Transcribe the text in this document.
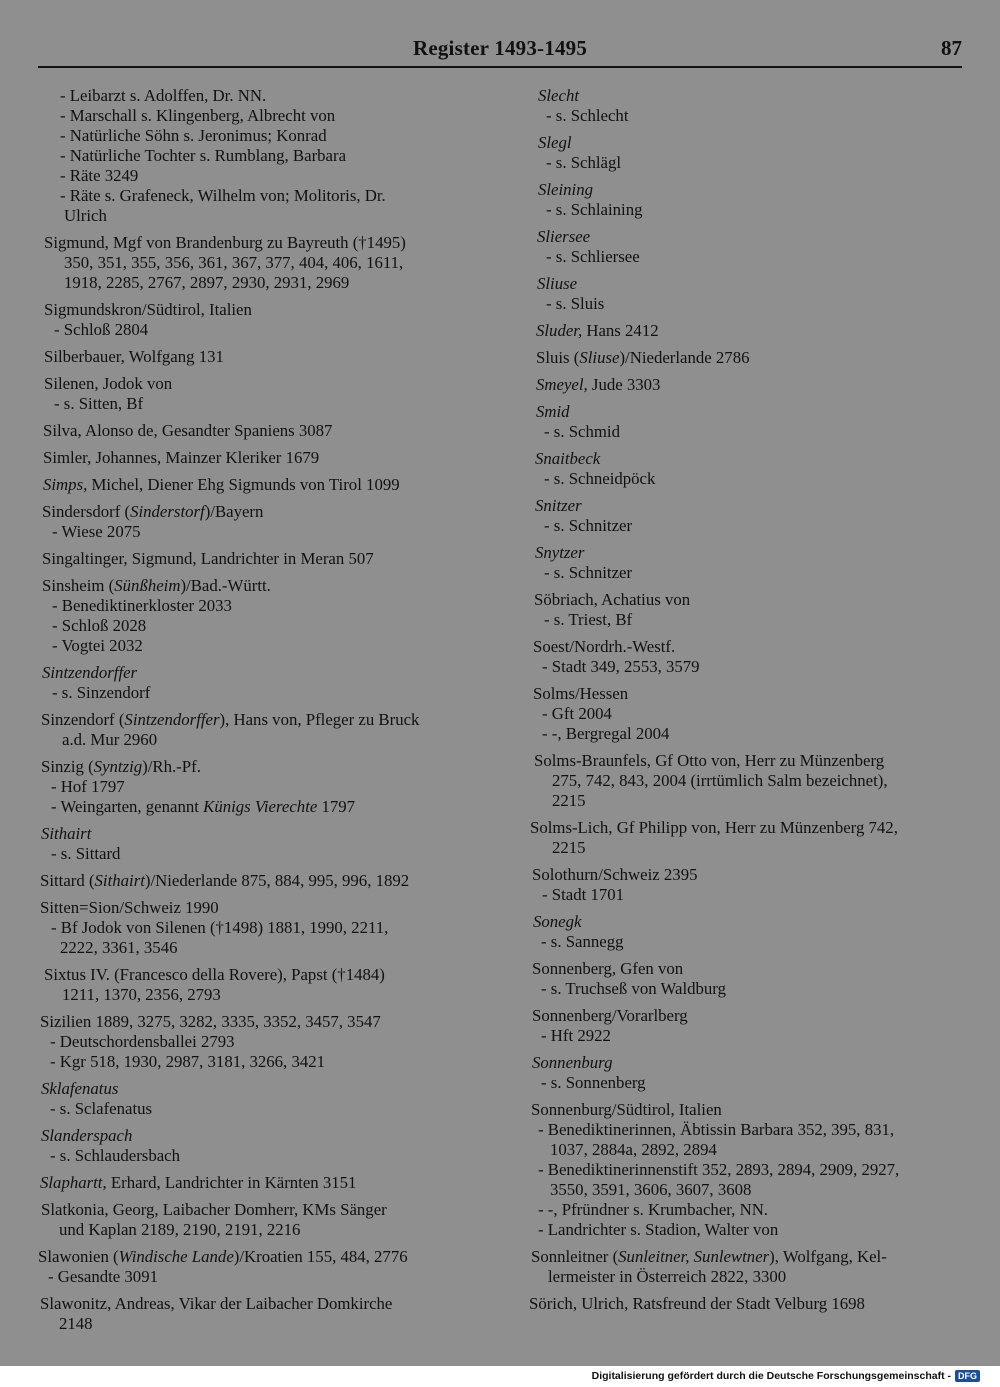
Register 1493-1495	87
- Leibarzt s. Adolffen, Dr. NN.
- Marschall s. Klingenberg, Albrecht von
- Natürliche Söhn s. Jeronimus; Konrad
- Natürliche Tochter s. Rumblang, Barbara
- Räte 3249
- Räte s. Grafeneck, Wilhelm von; Molitoris, Dr.
Ulrich
Sigmund, Mgf von Brandenburg zu Bayreuth (†1495)
350, 351, 355, 356, 361, 367, 377, 404, 406, 1611,
1918, 2285, 2767, 2897, 2930, 2931, 2969
Sigmundskron/Südtirol, Italien
- Schloß 2804
Silberbauer, Wolfgang 131
Silenen, Jodok von
- s. Sitten, Bf
Silva, Alonso de, Gesandter Spaniens 3087
Simler, Johannes, Mainzer Kleriker 1679
Simps, Michel, Diener Ehg Sigmunds von Tirol 1099
Sindersdorf (Sinderstorf)/Bayern
- Wiese 2075
Singaltinger, Sigmund, Landrichter in Meran 507
Sinsheim (Sünßheim)/Bad.-Württ.
- Benediktinerkloster 2033
- Schloß 2028
- Vogtei 2032
Sintzendorffer
- s. Sinzendorf
Sinzendorf (Sintzendorffer), Hans von, Pfleger zu Bruck
a.d. Mur 2960
Sinzig (Syntzig)/Rh.-Pf.
- Hof 1797
- Weingarten, genannt Künigs Vierechte 1797
Sithairt
- s. Sittard
Sittard (Sithairt)/Niederlande 875, 884, 995, 996, 1892
Sitten=Sion/Schweiz 1990
- Bf Jodok von Silenen (†1498) 1881, 1990, 2211,
2222, 3361, 3546
Sixtus IV. (Francesco della Rovere), Papst (†1484)
1211, 1370, 2356, 2793
Sizilien 1889, 3275, 3282, 3335, 3352, 3457, 3547
- Deutschordensballei 2793
- Kgr 518, 1930, 2987, 3181, 3266, 3421
Sklafenatus
- s. Sclafenatus
Slanderspach
- s. Schlaudersbach
Slaphartt, Erhard, Landrichter in Kärnten 3151
Slatkonia, Georg, Laibacher Domherr, KMs Sänger
und Kaplan 2189, 2190, 2191, 2216
Slawonien (Windische Lande)/Kroatien 155, 484, 2776
- Gesandte 3091
Slawonitz, Andreas, Vikar der Laibacher Domkirche
2148
Slecht
- s. Schlecht
Slegl
- s. Schlägl
Sleining
- s. Schlaining
Sliersee
- s. Schliersee
Sliuse
- s. Sluis
Sluder, Hans 2412
Sluis (Sliuse)/Niederlande 2786
Smeyel, Jude 3303
Smid
- s. Schmid
Snaitbeck
- s. Schneidpöck
Snitzer
- s. Schnitzer
Snytzer
- s. Schnitzer
Söbriach, Achatius von
- s. Triest, Bf
Soest/Nordrh.-Westf.
- Stadt 349, 2553, 3579
Solms/Hessen
- Gft 2004
- -, Bergregal 2004
Solms-Braunfels, Gf Otto von, Herr zu Münzenberg
275, 742, 843, 2004 (irrtümlich Salm bezeichnet),
2215
Solms-Lich, Gf Philipp von, Herr zu Münzenberg 742,
2215
Solothurn/Schweiz 2395
- Stadt 1701
Sonegk
- s. Sannegg
Sonnenberg, Gfen von
- s. Truchseß von Waldburg
Sonnenberg/Vorarlberg
- Hft 2922
Sonnenburg
- s. Sonnenberg
Sonnenburg/Südtirol, Italien
- Benediktinerinnen, Äbtissin Barbara 352, 395, 831,
1037, 2884a, 2892, 2894
- Benediktinerinnenstift 352, 2893, 2894, 2909, 2927,
3550, 3591, 3606, 3607, 3608
- -, Pfründner s. Krumbacher, NN.
- Landrichter s. Stadion, Walter von
Sonnleitner (Sunleitner, Sunlewtner), Wolfgang, Kel-
lermeister in Österreich 2822, 3300
Sörich, Ulrich, Ratsfreund der Stadt Velburg 1698
Digitalisierung gefördert durch die Deutsche Forschungsgemeinschaft - DFG
